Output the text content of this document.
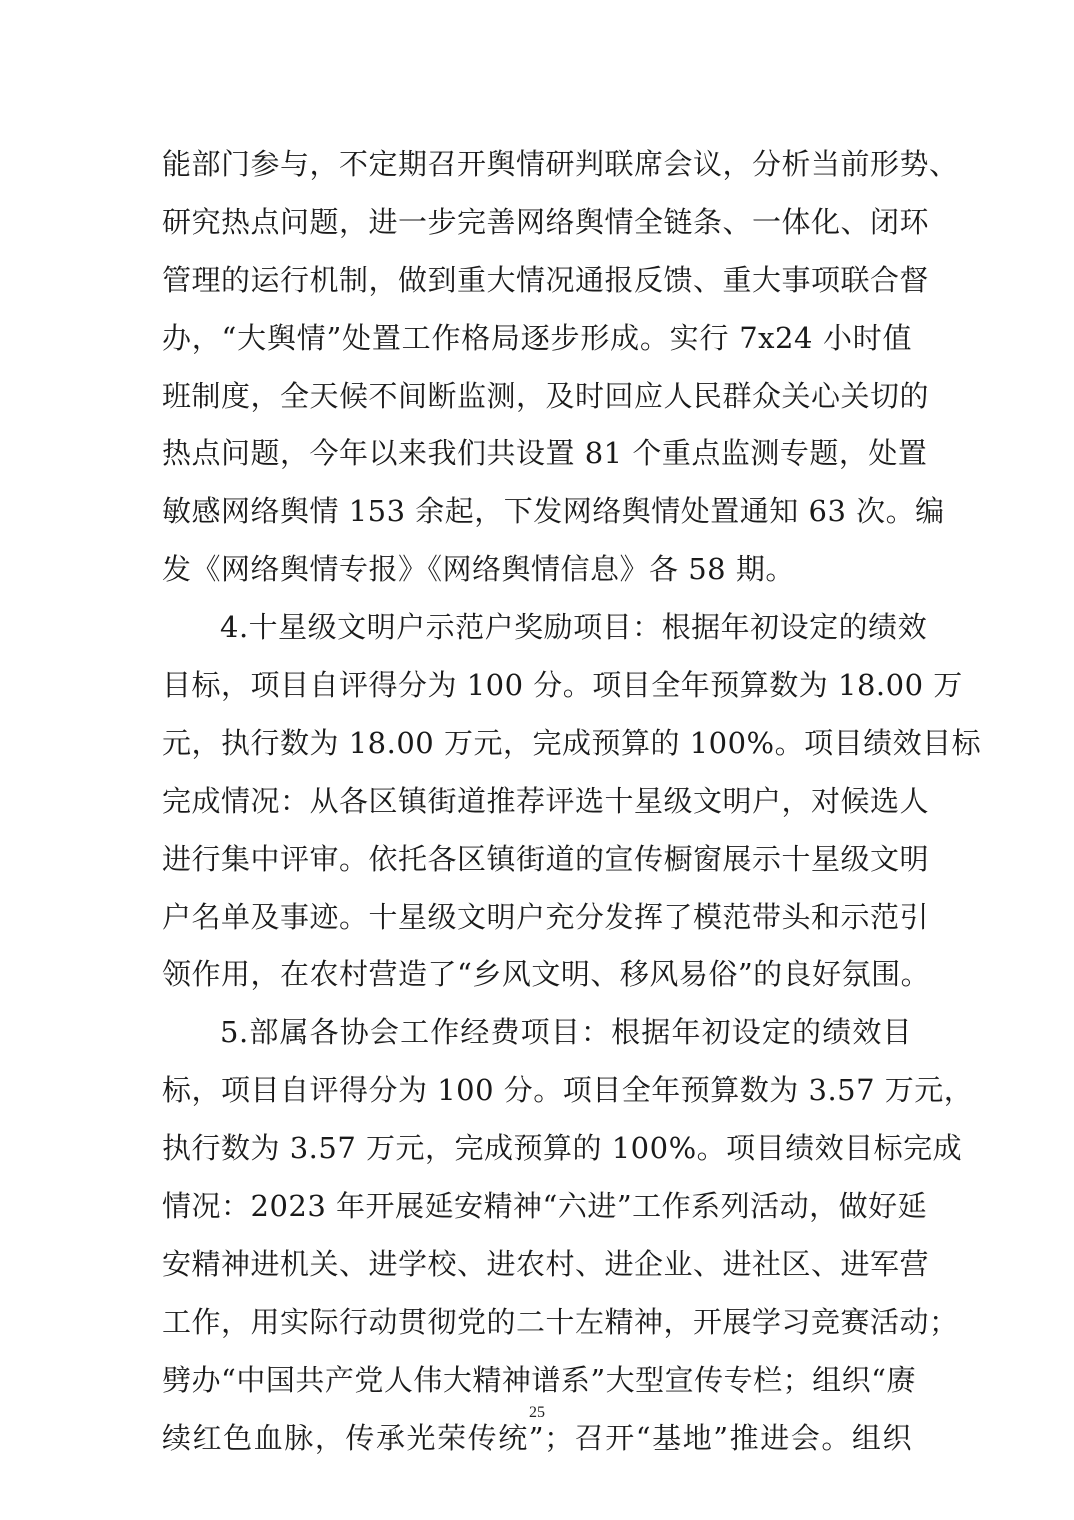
能部门参与，不定期召开舆情研判联席会议，分析当前形势、
研究热点问题，进一步完善网络舆情全链条、一体化、闭环
管理的运行机制，做到重大情况通报反馈、重大事项联合督
办，“大舆情”处置工作格局逐步形成。实行 7x24 小时值
班制度，全天候不间断监测，及时回应人民群众关心关切的
热点问题，今年以来我们共设置 81 个重点监测专题，处置
敏感网络舆情 153 余起，下发网络舆情处置通知 63 次。编
发《网络舆情专报》《网络舆情信息》各 58 期。
4.十星级文明户示范户奖励项目：根据年初设定的绩效
目标，项目自评得分为 100 分。项目全年预算数为 18.00 万
元，执行数为 18.00 万元，完成预算的 100%。项目绩效目标
完成情况：从各区镇街道推荐评选十星级文明户，对候选人
进行集中评审。依托各区镇街道的宣传橱窗展示十星级文明
户名单及事迹。十星级文明户充分发挥了模范带头和示范引
领作用，在农村营造了“乡风文明、移风易俗”的良好氛围。
5.部属各协会工作经费项目：根据年初设定的绩效目
标，项目自评得分为 100 分。项目全年预算数为 3.57 万元，
执行数为 3.57 万元，完成预算的 100%。项目绩效目标完成
情况：2023 年开展延安精神“六进”工作系列活动，做好延
安精神进机关、进学校、进农村、进企业、进社区、进军营
工作，用实际行动贯彻党的二十左精神，开展学习竞赛活动；
劈办“中国共产党人伟大精神谱系”大型宣传专栏；组织“赓
续红色血脉，传承光荣传统”；召开“基地”推进会。组织
25
